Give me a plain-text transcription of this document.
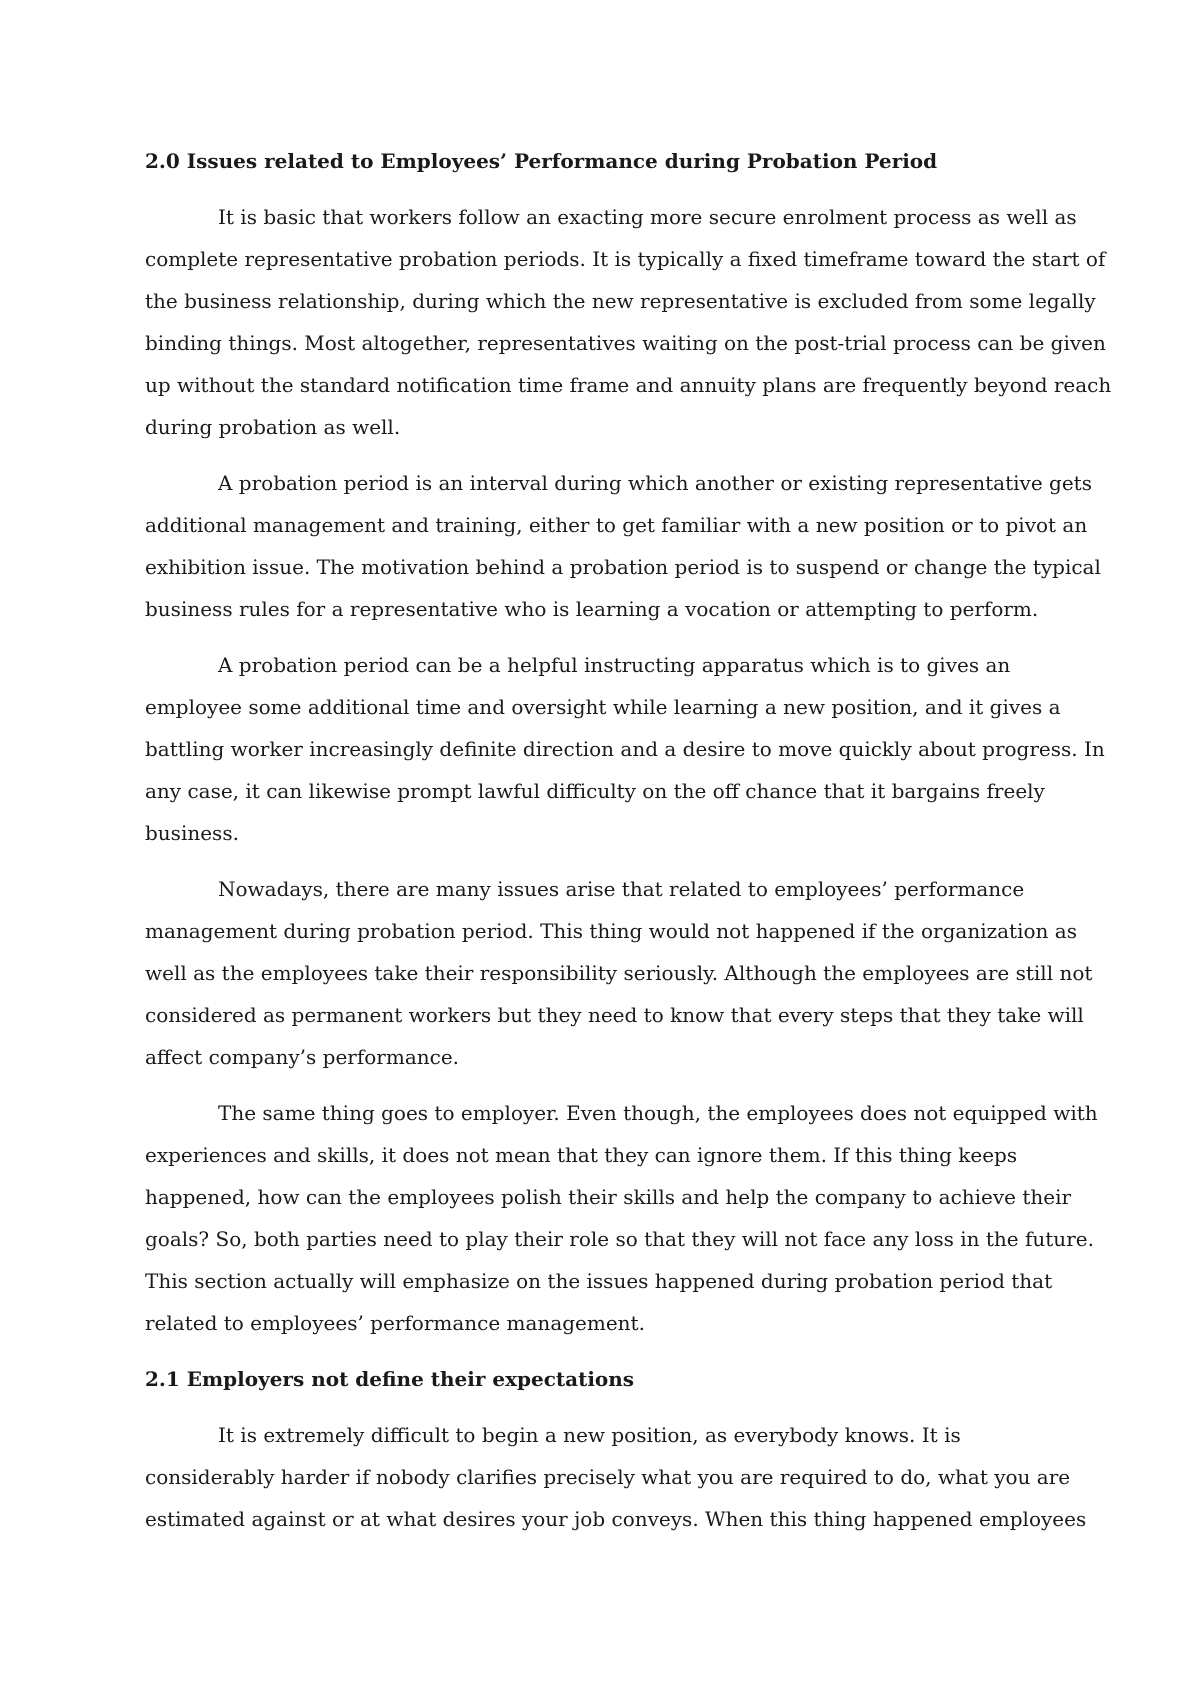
2.0 Issues related to Employees’ Performance during Probation Period
It is basic that workers follow an exacting more secure enrolment process as well as
complete representative probation periods. It is typically a fixed timeframe toward the start of
the business relationship, during which the new representative is excluded from some legally
binding things. Most altogether, representatives waiting on the post-trial process can be given
up without the standard notification time frame and annuity plans are frequently beyond reach
during probation as well.
A probation period is an interval during which another or existing representative gets
additional management and training, either to get familiar with a new position or to pivot an
exhibition issue. The motivation behind a probation period is to suspend or change the typical
business rules for a representative who is learning a vocation or attempting to perform.
A probation period can be a helpful instructing apparatus which is to gives an
employee some additional time and oversight while learning a new position, and it gives a
battling worker increasingly definite direction and a desire to move quickly about progress. In
any case, it can likewise prompt lawful difficulty on the off chance that it bargains freely
business.
Nowadays, there are many issues arise that related to employees’ performance
management during probation period. This thing would not happened if the organization as
well as the employees take their responsibility seriously. Although the employees are still not
considered as permanent workers but they need to know that every steps that they take will
affect company’s performance.
The same thing goes to employer. Even though, the employees does not equipped with
experiences and skills, it does not mean that they can ignore them. If this thing keeps
happened, how can the employees polish their skills and help the company to achieve their
goals? So, both parties need to play their role so that they will not face any loss in the future.
This section actually will emphasize on the issues happened during probation period that
related to employees’ performance management.
2.1 Employers not define their expectations
It is extremely difficult to begin a new position, as everybody knows. It is
considerably harder if nobody clarifies precisely what you are required to do, what you are
estimated against or at what desires your job conveys. When this thing happened employees
